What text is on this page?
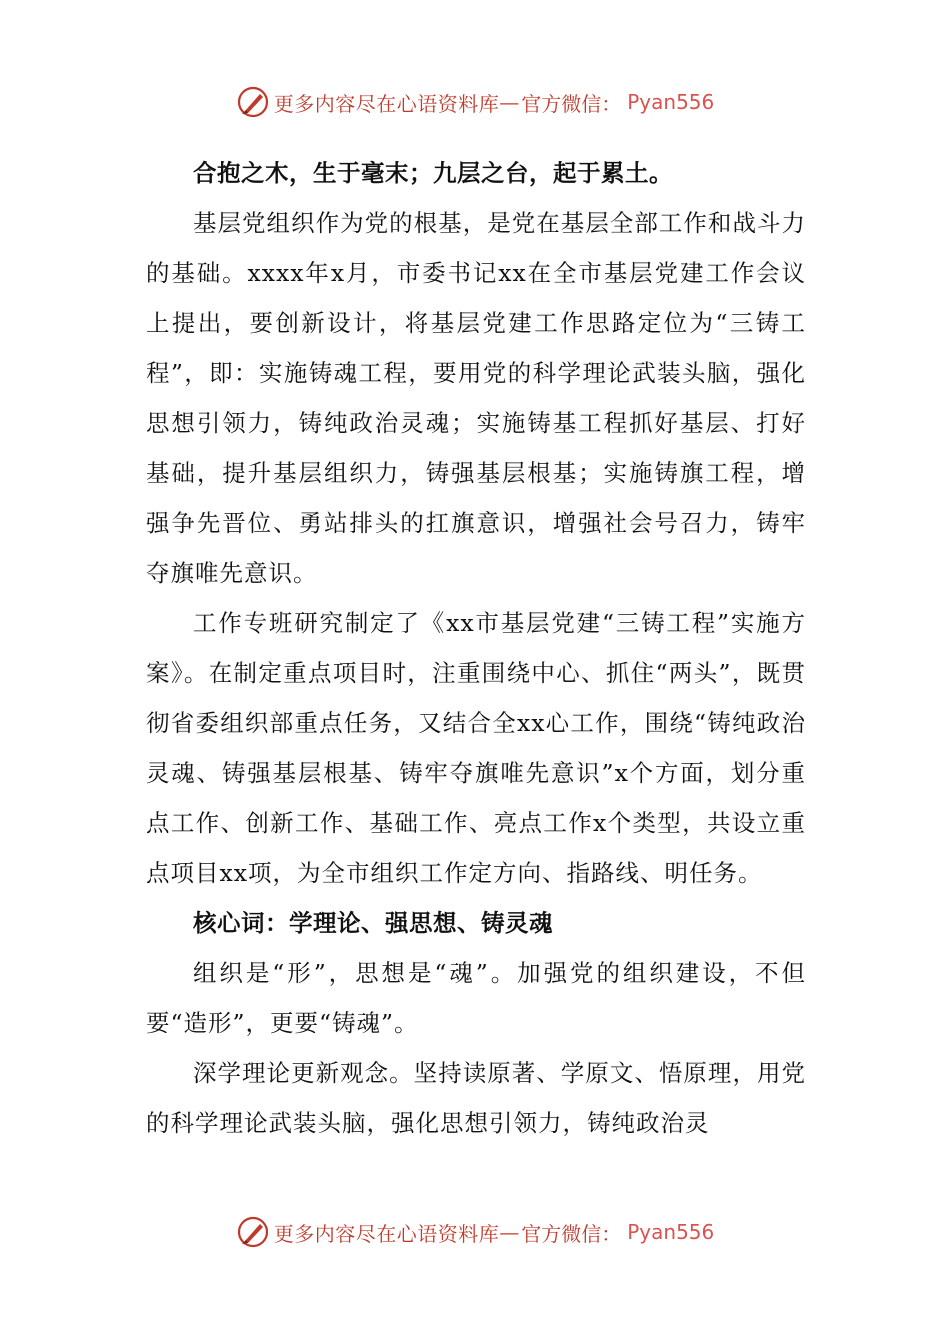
更多内容尽在心语资料库 — 官方微信： Pyan556

合抱之木，生于毫末；九层之台，起于累土。

基层党组织作为党的根基，是党在基层全部工作和战斗力的基础。xxxx年x月，市委书记xx在全市基层党建工作会议上提出，要创新设计，将基层党建工作思路定位为“三铸工程”，即：实施铸魂工程，要用党的科学理论武装头脑，强化思想引领力，铸纯政治灵魂；实施铸基工程抓好基层、打好基础，提升基层组织力，铸强基层根基；实施铸旗工程，增强争先晋位、勇站排头的扛旗意识，增强社会号召力，铸牢夺旗唯先意识。

工作专班研究制定了《xx市基层党建“三铸工程”实施方案》。在制定重点项目时，注重围绕中心、抓住“两头”，既贯彻省委组织部重点任务，又结合全xx心工作，围绕“铸纯政治灵魂、铸强基层根基、铸牢夺旗唯先意识”x个方面，划分重点工作、创新工作、基础工作、亮点工作x个类型，共设立重点项目xx项，为全市组织工作定方向、指路线、明任务。

核心词：学理论、强思想、铸灵魂

组织是“形”，思想是“魂”。加强党的组织建设，不但要“造形”，更要“铸魂”。

深学理论更新观念。坚持读原著、学原文、悟原理，用党的科学理论武装头脑，强化思想引领力，铸纯政治灵

更多内容尽在心语资料库 — 官方微信： Pyan556
